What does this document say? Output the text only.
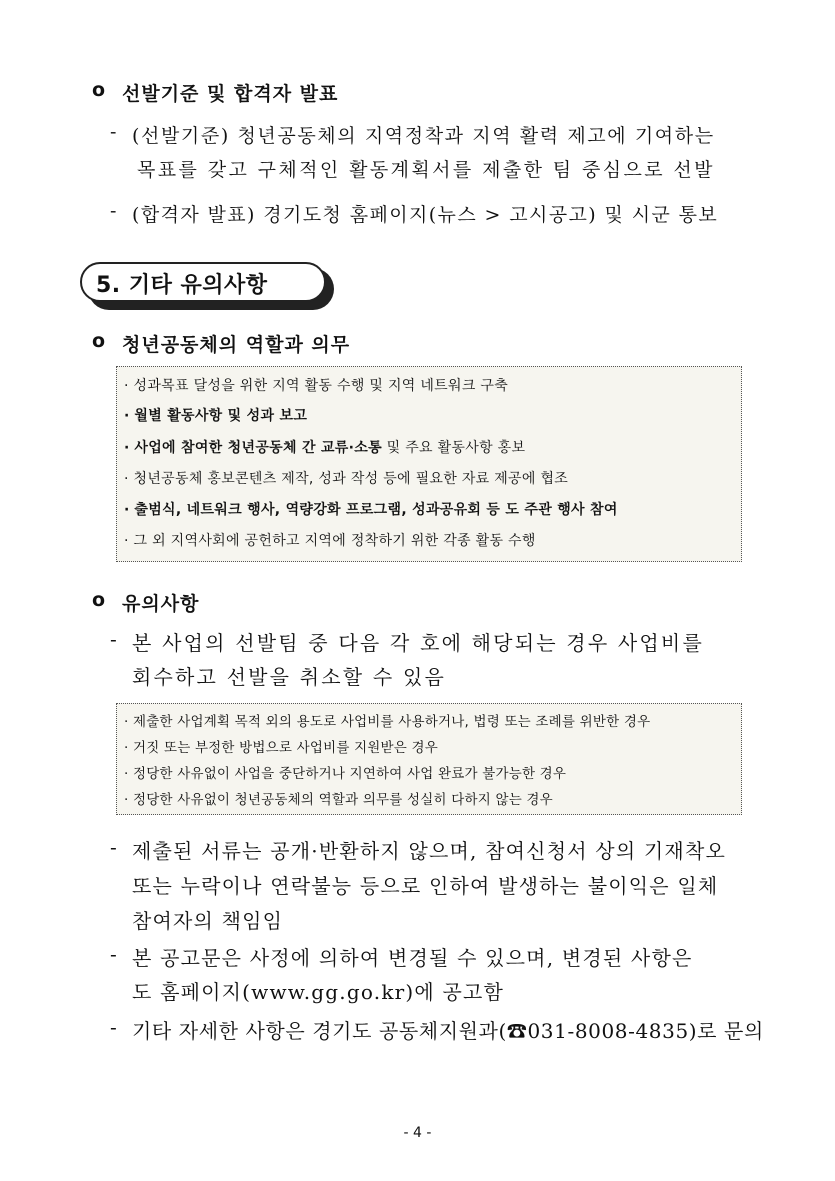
o 선발기준 및 합격자 발표
- (선발기준) 청년공동체의 지역정착과 지역 활력 제고에 기여하는
목표를 갖고 구체적인 활동계획서를 제출한 팀 중심으로 선발
- (합격자 발표) 경기도청 홈페이지(뉴스 > 고시공고) 및 시군 통보
5. 기타 유의사항
o 청년공동체의 역할과 의무
· 성과목표 달성을 위한 지역 활동 수행 및 지역 네트워크 구축
· 월별 활동사항 및 성과 보고
· 사업에 참여한 청년공동체 간 교류·소통 및 주요 활동사항 홍보
· 청년공동체 홍보콘텐츠 제작, 성과 작성 등에 필요한 자료 제공에 협조
· 출범식, 네트워크 행사, 역량강화 프로그램, 성과공유회 등 도 주관 행사 참여
· 그 외 지역사회에 공헌하고 지역에 정착하기 위한 각종 활동 수행
o 유의사항
- 본 사업의 선발팀 중 다음 각 호에 해당되는 경우 사업비를
회수하고 선발을 취소할 수 있음
· 제출한 사업계획 목적 외의 용도로 사업비를 사용하거나, 법령 또는 조례를 위반한 경우
· 거짓 또는 부정한 방법으로 사업비를 지원받은 경우
· 정당한 사유없이 사업을 중단하거나 지연하여 사업 완료가 불가능한 경우
· 정당한 사유없이 청년공동체의 역할과 의무를 성실히 다하지 않는 경우
- 제출된 서류는 공개·반환하지 않으며, 참여신청서 상의 기재착오
또는 누락이나 연락불능 등으로 인하여 발생하는 불이익은 일체
참여자의 책임임
- 본 공고문은 사정에 의하여 변경될 수 있으며, 변경된 사항은
도 홈페이지(www.gg.go.kr)에 공고함
- 기타 자세한 사항은 경기도 공동체지원과(☎031-8008-4835)로 문의
- 4 -
